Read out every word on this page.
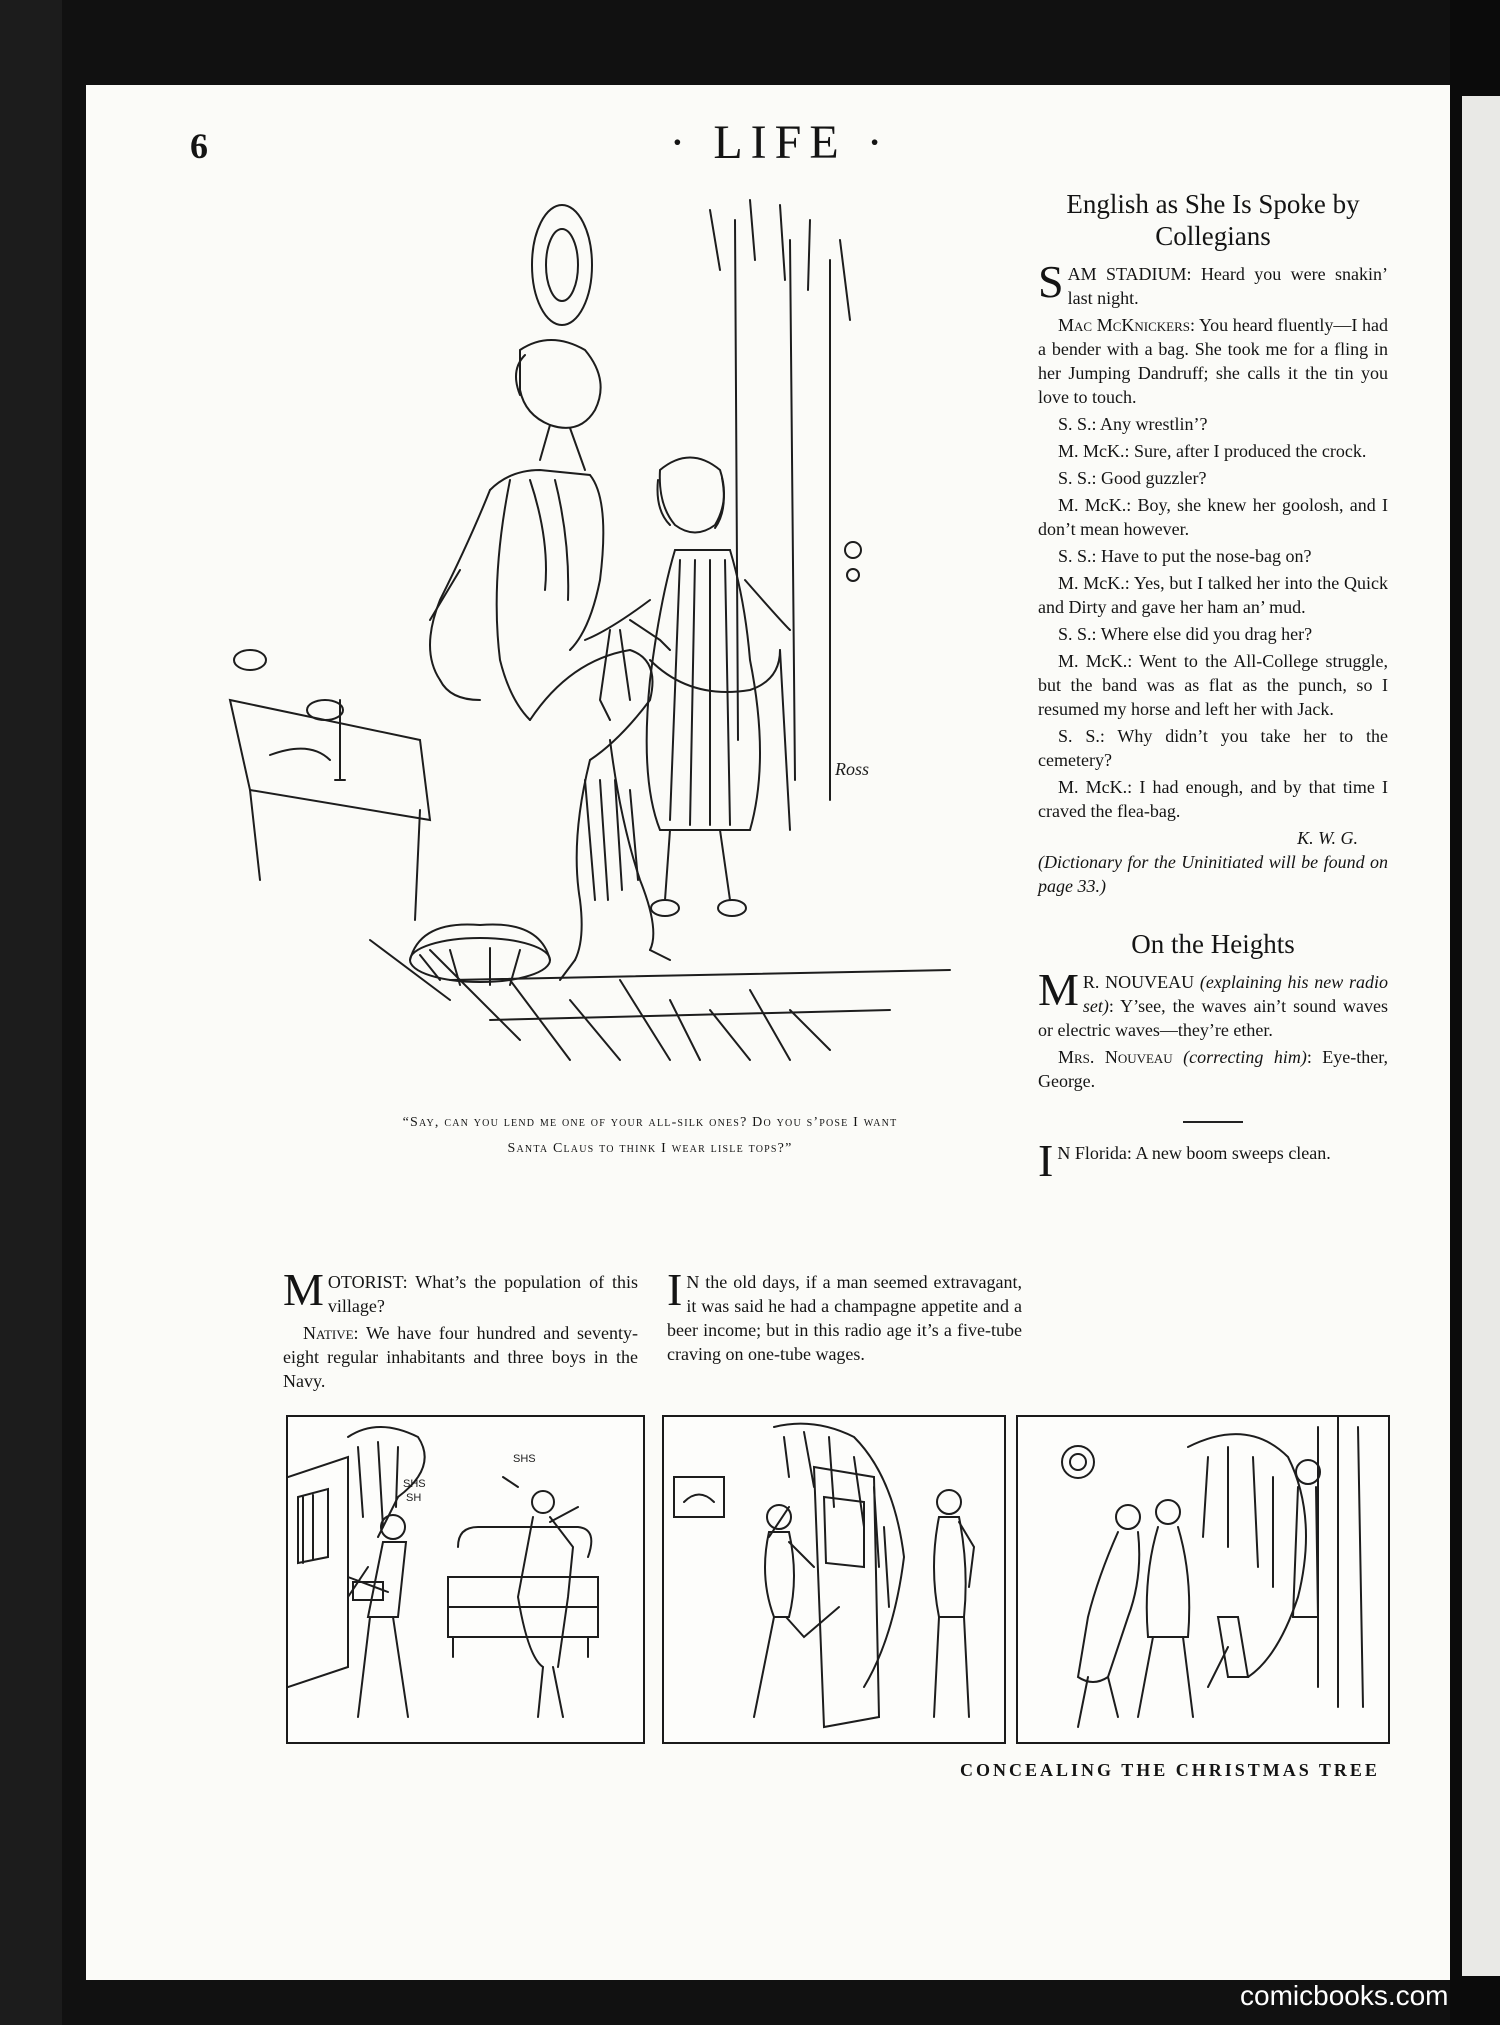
6	· LIFE ·
Ross
“Say, can you lend me one of your all-silk ones? Do you s’pose I want
Santa Claus to think I wear lisle tops?”
English as She Is Spoke by
Collegians

SAM STADIUM: Heard you were snakin’ last night.

Mac McKnickers: You heard fluently—I had a bender with a bag. She took me for a fling in her Jumping Dandruff; she calls it the tin you love to touch.

S. S.: Any wrestlin’?

M. McK.: Sure, after I produced the crock.

S. S.: Good guzzler?

M. McK.: Boy, she knew her goolosh, and I don’t mean however.

S. S.: Have to put the nose-bag on?

M. McK.: Yes, but I talked her into the Quick and Dirty and gave her ham an’ mud.

S. S.: Where else did you drag her?

M. McK.: Went to the All-College struggle, but the band was as flat as the punch, so I resumed my horse and left her with Jack.

S. S.: Why didn’t you take her to the cemetery?

M. McK.: I had enough, and by that time I craved the flea-bag.

K. W. G.

(Dictionary for the Uninitiated will be found on page 33.)

On the Heights

M R. NOUVEAU (explaining his new radio set): Y’see, the waves ain’t sound waves or electric waves—they’re ether.

Mrs. Nouveau (correcting him): Eye-ther, George.

I N Florida: A new boom sweeps clean.

MOTORIST: What’s the population of this village?

Native: We have four hundred and seventy-eight regular inhabitants and three boys in the Navy.

I N the old days, if a man seemed extravagant, it was said he had a champagne appetite and a beer income; but in this radio age it’s a five-tube craving on one-tube wages.

SHS
SH
SHS
CONCEALING THE CHRISTMAS TREE
comicbooks.com
